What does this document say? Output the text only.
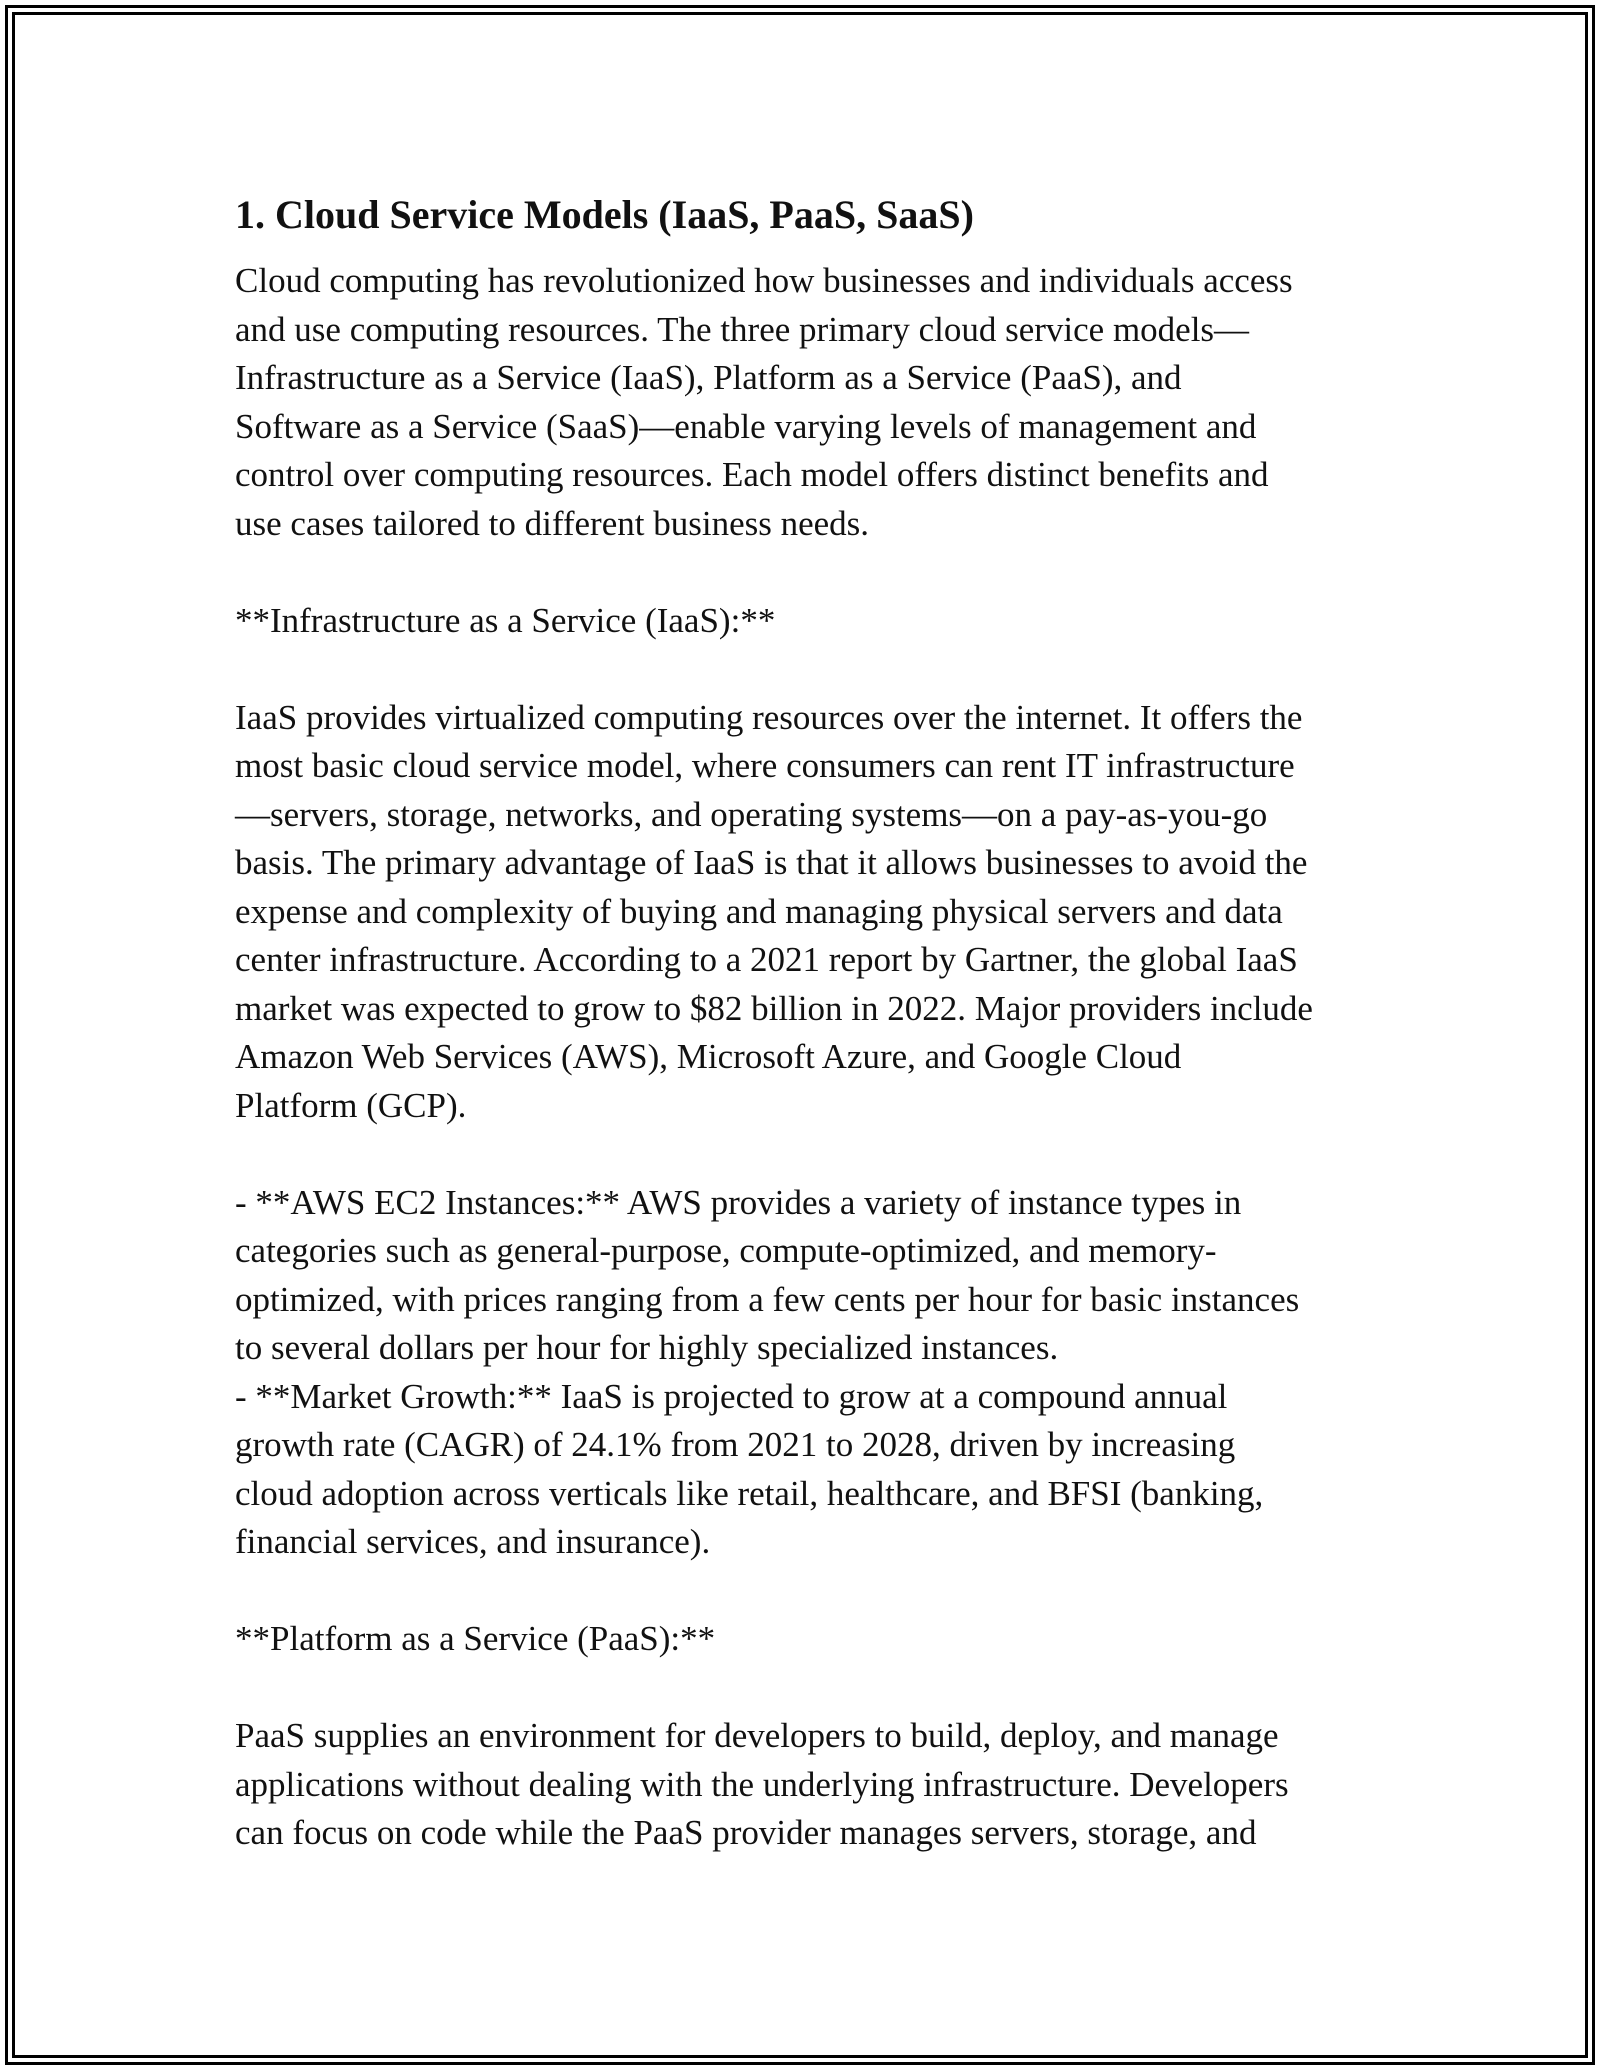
1. Cloud Service Models (IaaS, PaaS, SaaS)
Cloud computing has revolutionized how businesses and individuals access
and use computing resources. The three primary cloud service models—
Infrastructure as a Service (IaaS), Platform as a Service (PaaS), and
Software as a Service (SaaS)—enable varying levels of management and
control over computing resources. Each model offers distinct benefits and
use cases tailored to different business needs.
**Infrastructure as a Service (IaaS):**
IaaS provides virtualized computing resources over the internet. It offers the
most basic cloud service model, where consumers can rent IT infrastructure
—servers, storage, networks, and operating systems—on a pay-as-you-go
basis. The primary advantage of IaaS is that it allows businesses to avoid the
expense and complexity of buying and managing physical servers and data
center infrastructure. According to a 2021 report by Gartner, the global IaaS
market was expected to grow to $82 billion in 2022. Major providers include
Amazon Web Services (AWS), Microsoft Azure, and Google Cloud
Platform (GCP).
- **AWS EC2 Instances:** AWS provides a variety of instance types in
categories such as general-purpose, compute-optimized, and memory-
optimized, with prices ranging from a few cents per hour for basic instances
to several dollars per hour for highly specialized instances.
- **Market Growth:** IaaS is projected to grow at a compound annual
growth rate (CAGR) of 24.1% from 2021 to 2028, driven by increasing
cloud adoption across verticals like retail, healthcare, and BFSI (banking,
financial services, and insurance).
**Platform as a Service (PaaS):**
PaaS supplies an environment for developers to build, deploy, and manage
applications without dealing with the underlying infrastructure. Developers
can focus on code while the PaaS provider manages servers, storage, and
